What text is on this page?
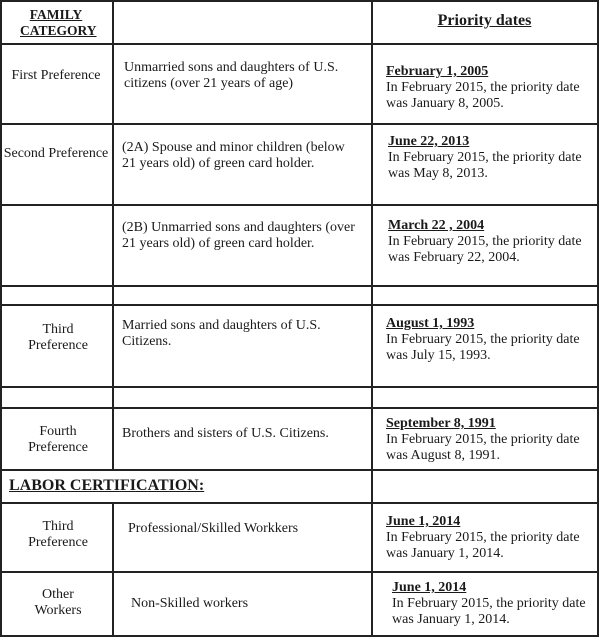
FAMILY CATEGORY
Priority dates
First Preference
Unmarried sons and daughters of U.S. citizens (over 21 years of age)
February 1, 2005
In February 2015, the priority date was January 8, 2005.
Second Preference (2A) Spouse and minor children (below 21 years old) of green card holder.
June 22, 2013
In February 2015, the priority date was May 8, 2013.
(2B) Unmarried sons and daughters (over 21 years old) of green card holder.
March 22 , 2004
In February 2015, the priority date was February 22, 2004.
Third Preference
Married sons and daughters of U.S. Citizens.
August 1, 1993
In February 2015, the priority date was July 15, 1993.
Fourth Preference
Brothers and sisters of U.S. Citizens.
September 8, 1991
In February 2015, the priority date was August 8, 1991.
LABOR CERTIFICATION:
Third Preference
Professional/Skilled Workkers	June 1, 2014
In February 2015, the priority date was January 1, 2014.
Other Workers	Non-Skilled workers
June 1, 2014
In February 2015, the priority date was January 1, 2014.
